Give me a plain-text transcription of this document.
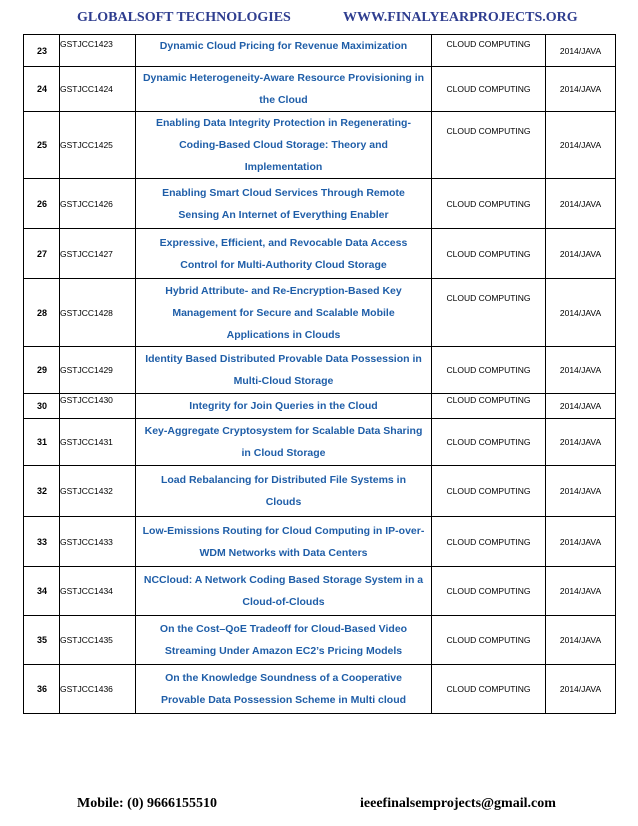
GLOBALSOFT TECHNOLOGIES	WWW.FINALYEARPROJECTS.ORG
23	GSTJCC1423	Dynamic Cloud Pricing for Revenue Maximization	CLOUD COMPUTING	2014/JAVA
24	GSTJCC1424	Dynamic Heterogeneity-Aware Resource Provisioning in the Cloud	CLOUD COMPUTING	2014/JAVA
25	GSTJCC1425	Enabling Data Integrity Protection in Regenerating-Coding-Based Cloud Storage: Theory and Implementation	CLOUD COMPUTING	2014/JAVA
26	GSTJCC1426	Enabling Smart Cloud Services Through Remote Sensing An Internet of Everything Enabler	CLOUD COMPUTING	2014/JAVA
27	GSTJCC1427	Expressive, Efficient, and Revocable Data Access Control for Multi-Authority Cloud Storage	CLOUD COMPUTING	2014/JAVA
28	GSTJCC1428	Hybrid Attribute- and Re-Encryption-Based Key Management for Secure and Scalable Mobile Applications in Clouds	CLOUD COMPUTING	2014/JAVA
29	GSTJCC1429	Identity Based Distributed Provable Data Possession in Multi-Cloud Storage	CLOUD COMPUTING	2014/JAVA
30	GSTJCC1430	Integrity for Join Queries in the Cloud	CLOUD COMPUTING	2014/JAVA
31	GSTJCC1431	Key-Aggregate Cryptosystem for Scalable Data Sharing in Cloud Storage	CLOUD COMPUTING	2014/JAVA
32	GSTJCC1432	Load Rebalancing for Distributed File Systems in Clouds	CLOUD COMPUTING	2014/JAVA
33	GSTJCC1433	Low-Emissions Routing for Cloud Computing in IP-over-WDM Networks with Data Centers	CLOUD COMPUTING	2014/JAVA
34	GSTJCC1434	NCCloud: A Network Coding Based Storage System in a Cloud-of-Clouds	CLOUD COMPUTING	2014/JAVA
35	GSTJCC1435	On the Cost–QoE Tradeoff for Cloud-Based Video Streaming Under Amazon EC2’s Pricing Models	CLOUD COMPUTING	2014/JAVA
36	GSTJCC1436	On the Knowledge Soundness of a Cooperative Provable Data Possession Scheme in Multi cloud	CLOUD COMPUTING	2014/JAVA
Mobile: (0) 9666155510	ieeefinalsemprojects@gmail.com
